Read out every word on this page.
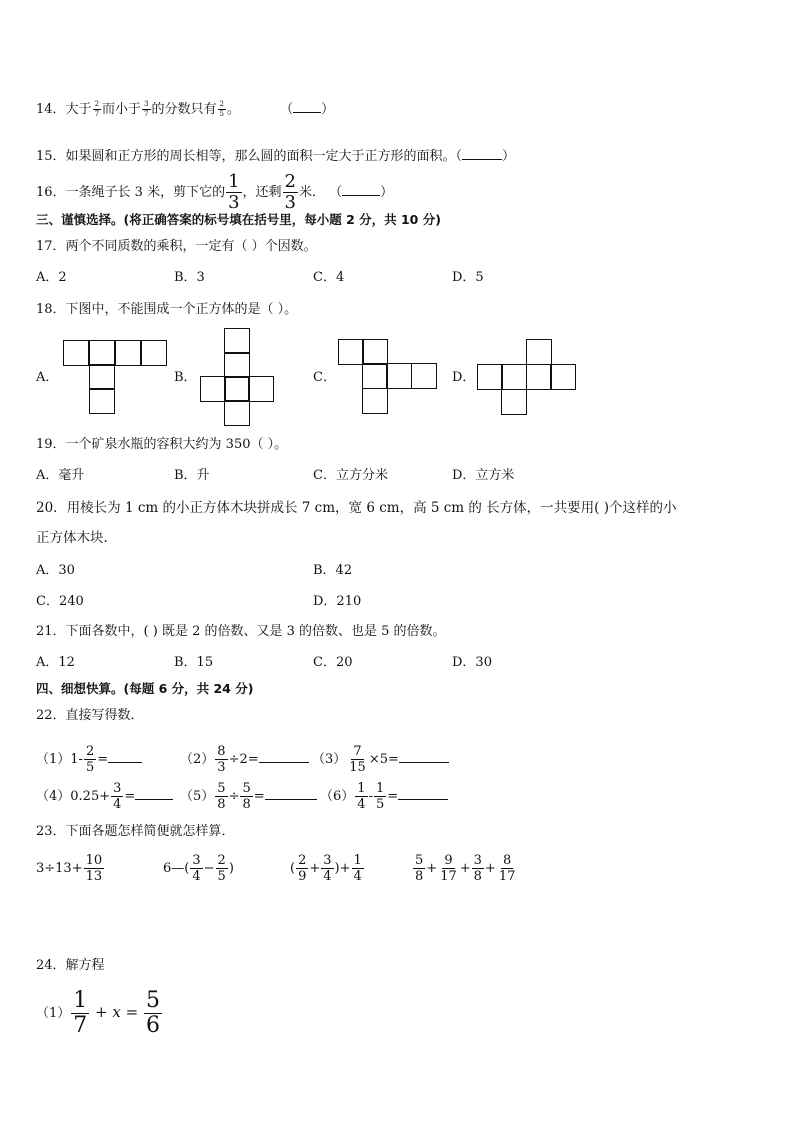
14．大于 $\frac{2}{7}$ 而小于 $\frac{3}{7}$ 的分数只有 $\frac{2}{5}$ 。	（ ）
15．如果圆和正方形的周长相等，那么圆的面积一定大于正方形的面积。（	）
16．一条绳子长 3 米，剪下它的 $\frac{1}{3}$ ，还剩 $\frac{2}{3}$ 米． （	）
三、谨慎选择。(将正确答案的标号填在括号里，每小题 2 分，共 10 分)
17．两个不同质数的乘积，一定有（ ）个因数。
A．2	B．3	C．4	D．5
18．下图中，不能围成一个正方体的是（ ）。
A．	B．	C．	D．
19．一个矿泉水瓶的容积大约为 350（ ）。
A．毫升	B．升	C．立方分米	D．立方米
20．用棱长为 1 cm 的小正方体木块拼成长 7 cm，宽 6 cm，高 5 cm 的 长方体，一共要用( )个这样的小
正方体木块.
A．30	B．42
C．240	D．210
21．下面各数中，( ) 既是 2 的倍数、又是 3 的倍数、也是 5 的倍数。
A．12	B．15	C．20	D．30
四、细想快算。(每题 6 分，共 24 分)
22．直接写得数．
$(1)1- \frac{2}{5}$ =	$(2) \frac{8}{3} \div 2=$	$(3) \frac{7}{15} \times 5=$
$(4)0.25+ \frac{3}{4}$ =	$(5) \frac{5}{8} \div \frac{5}{8}$ =	$(6) \frac{1}{4} - \frac{1}{5}$ =
23．下面各题怎样简便就怎样算．
$3\div 13+ \frac{10}{13}$	6—( $\frac{3}{4} - \frac{2}{5}$ )	( $\frac{2}{9} + \frac{3}{4}$ )+ $\frac{1}{4}$	$\frac{5}{8} + \frac{9}{17} + \frac{3}{8} + \frac{8}{17}$
24．解方程
$(1) \frac{1}{7} + x = \frac{5}{6}$
